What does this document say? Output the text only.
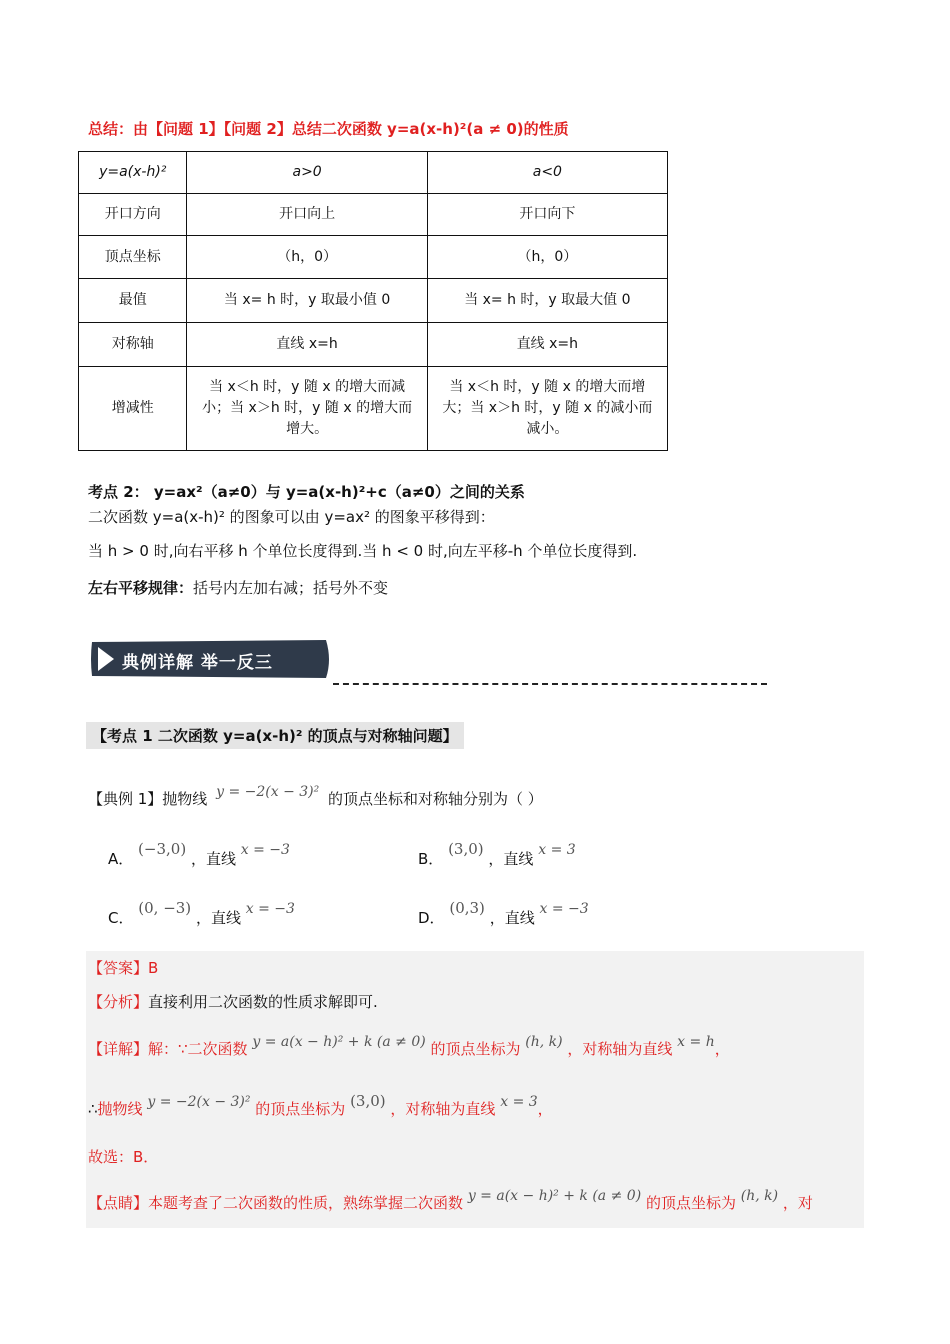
总结：由【问题 1】【问题 2】总结二次函数 y=a(x-h)²(a ≠ 0)的性质
y=a(x-h)²	a>0	a<0
开口方向	开口向上	开口向下
顶点坐标	（h，0）	（h，0）
最值	当 x= h 时，y 取最小值 0	当 x= h 时，y 取最大值 0
对称轴	直线 x=h	直线 x=h
增减性	当 x＜h 时，y 随 x 的增大而减小；当 x＞h 时，y 随 x 的增大而增大。	当 x＜h 时，y 随 x 的增大而增大；当 x＞h 时，y 随 x 的减小而减小。
考点 2： y=ax²（a≠0）与 y=a(x-h)²+c（a≠0）之间的关系
二次函数 y=a(x-h)² 的图象可以由 y=ax² 的图象平移得到：
当 h > 0 时,向右平移 h 个单位长度得到.当 h < 0 时,向左平移-h 个单位长度得到.
左右平移规律：括号内左加右减；括号外不变
典例详解 举一反三
【考点 1 二次函数 y=a(x-h)² 的顶点与对称轴问题】
【典例 1】抛物线 y = −2(x − 3)² 的顶点坐标和对称轴分别为（ ）
A． (−3,0) ，直线 x = −3	B． (3,0) ，直线 x = 3
C． (0, −3) ，直线 x = −3	D． (0,3) ，直线 x = −3
【答案】B
【分析】直接利用二次函数的性质求解即可.
【详解】解：∵二次函数 y = a(x − h)² + k (a ≠ 0) 的顶点坐标为 (h, k) ，对称轴为直线 x = h，
∴抛物线 y = −2(x − 3)² 的顶点坐标为 (3,0) ，对称轴为直线 x = 3，
故选：B．
【点睛】本题考查了二次函数的性质，熟练掌握二次函数 y = a(x − h)² + k (a ≠ 0) 的顶点坐标为 (h, k) ，对
